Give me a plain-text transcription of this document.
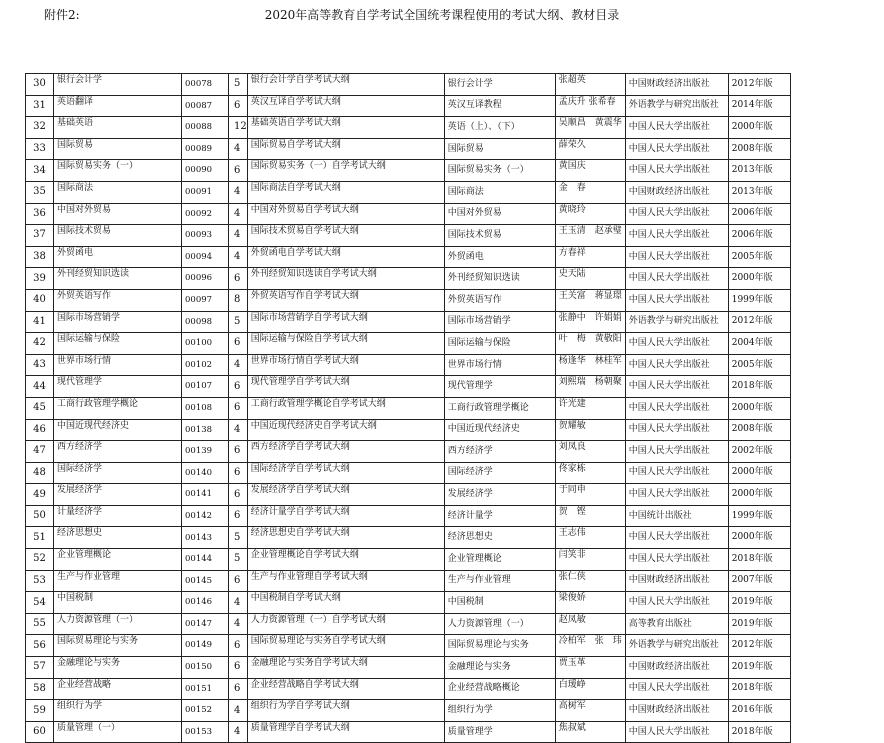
附件2:	2020年高等教育自学考试全国统考课程使用的考试大纲、教材目录
30	银行会计学	00078	5	银行会计学自学考试大纲	银行会计学	张超英	中国财政经济出版社	2012年版
31	英语翻译	00087	6	英汉互译自学考试大纲	英汉互译教程	孟庆升 张希春	外语教学与研究出版社	2014年版
32	基础英语	00088	12	基础英语自学考试大纲	英语（上）、（下）	吴顺昌　黄震华	中国人民大学出版社	2000年版
33	国际贸易	00089	4	国际贸易自学考试大纲	国际贸易	薛荣久	中国人民大学出版社	2008年版
34	国际贸易实务（一）	00090	6	国际贸易实务（一）自学考试大纲	国际贸易实务（一）	黄国庆	中国人民大学出版社	2013年版
35	国际商法	00091	4	国际商法自学考试大纲	国际商法	金　春	中国财政经济出版社	2013年版
36	中国对外贸易	00092	4	中国对外贸易自学考试大纲	中国对外贸易	黄晓玲	中国人民大学出版社	2006年版
37	国际技术贸易	00093	4	国际技术贸易自学考试大纲	国际技术贸易	王玉清　赵承璧	中国人民大学出版社	2006年版
38	外贸函电	00094	4	外贸函电自学考试大纲	外贸函电	方春祥	中国人民大学出版社	2005年版
39	外刊经贸知识选读	00096	6	外刊经贸知识选读自学考试大纲	外刊经贸知识选读	史天陆	中国人民大学出版社	2000年版
40	外贸英语写作	00097	8	外贸英语写作自学考试大纲	外贸英语写作	王关富　蒋显璟	中国人民大学出版社	1999年版
41	国际市场营销学	00098	5	国际市场营销学自学考试大纲	国际市场营销学	张静中　许娟娟	外语教学与研究出版社	2012年版
42	国际运输与保险	00100	6	国际运输与保险自学考试大纲	国际运输与保险	叶　梅　黄敬阳	中国人民大学出版社	2004年版
43	世界市场行情	00102	4	世界市场行情自学考试大纲	世界市场行情	杨逢华　林桂军	中国人民大学出版社	2005年版
44	现代管理学	00107	6	现代管理学自学考试大纲	现代管理学	刘熙瑞　杨朝聚	中国人民大学出版社	2018年版
45	工商行政管理学概论	00108	6	工商行政管理学概论自学考试大纲	工商行政管理学概论	许光建	中国人民大学出版社	2000年版
46	中国近现代经济史	00138	4	中国近现代经济史自学考试大纲	中国近现代经济史	贺耀敏	中国人民大学出版社	2008年版
47	西方经济学	00139	6	西方经济学自学考试大纲	西方经济学	刘凤良	中国人民大学出版社	2002年版
48	国际经济学	00140	6	国际经济学自学考试大纲	国际经济学	佟家栋	中国人民大学出版社	2000年版
49	发展经济学	00141	6	发展经济学自学考试大纲	发展经济学	于同申	中国人民大学出版社	2000年版
50	计量经济学	00142	6	经济计量学自学考试大纲	经济计量学	贺　铿	中国统计出版社	1999年版
51	经济思想史	00143	5	经济思想史自学考试大纲	经济思想史	王志伟	中国人民大学出版社	2000年版
52	企业管理概论	00144	5	企业管理概论自学考试大纲	企业管理概论	闫笑非	中国人民大学出版社	2018年版
53	生产与作业管理	00145	6	生产与作业管理自学考试大纲	生产与作业管理	张仁侠	中国财政经济出版社	2007年版
54	中国税制	00146	4	中国税制自学考试大纲	中国税制	梁俊娇	中国人民大学出版社	2019年版
55	人力资源管理（一）	00147	4	人力资源管理（一）自学考试大纲	人力资源管理（一）	赵凤敏	高等教育出版社	2019年版
56	国际贸易理论与实务	00149	6	国际贸易理论与实务自学考试大纲	国际贸易理论与实务	冷柏军　张　玮	外语教学与研究出版社	2012年版
57	金融理论与实务	00150	6	金融理论与实务自学考试大纲	金融理论与实务	贾玉革	中国财政经济出版社	2019年版
58	企业经营战略	00151	6	企业经营战略自学考试大纲	企业经营战略概论	白瑷峥	中国人民大学出版社	2018年版
59	组织行为学	00152	4	组织行为学自学考试大纲	组织行为学	高树军	中国财政经济出版社	2016年版
60	质量管理（一）	00153	4	质量管理学自学考试大纲	质量管理学	焦叔斌	中国人民大学出版社	2018年版
